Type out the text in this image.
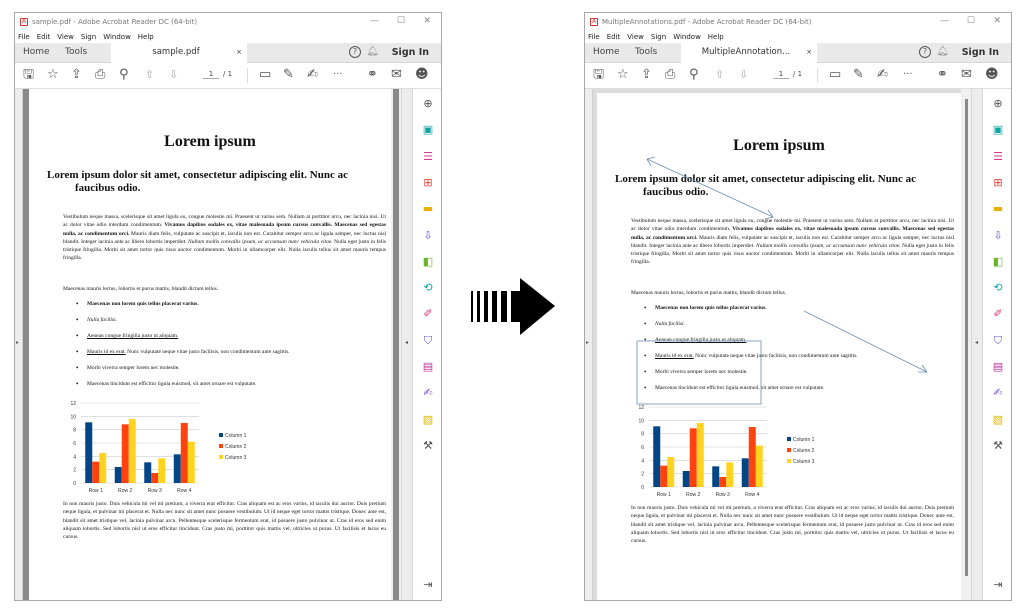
A sample.pdf - Adobe Acrobat Reader DC (64-bit)	— ☐ ✕
File Edit View Sign Window Help
Home Tools	sample.pdf	×	? 🔔︎ Sign In
🖫 ☆ ⇪ ⎙ ⚲ ⇧ ⇩	▭ ✎ ✍ ··· ⚭ ✉ ☻
1	/ 1
▸
Lorem ipsum
Lorem ipsum dolor sit amet, consectetur adipiscing elit. Nunc ac faucibus odio.
Vestibulum neque massa, scelerisque sit amet ligula eu, congue molestie mi. Praesent ut varius sem. Nullam at porttitor arcu, nec lacinia nisi. Ut ac dolor vitae odio interdum condimentum. Vivamus dapibus sodales ex, vitae malesuada ipsum cursus convallis. Maecenas sed egestas nulla, ac condimentum orci. Mauris diam felis, vulputate ac suscipit et, iaculis non est. Curabitur semper arcu ac ligula semper, nec luctus nisl blandit. Integer lacinia ante ac libero lobortis imperdiet. Nullam mollis convallis ipsum, ac accumsan nunc vehicula vitae. Nulla eget justo in felis tristique fringilla. Morbi sit amet tortor quis risus auctor condimentum. Morbi in ullamcorper elit. Nulla iaculis tellus sit amet mauris tempus fringilla.
Maecenas mauris lectus, lobortis et purus mattis, blandit dictum tellus.
• Maecenas non lorem quis tellus placerat varius.
• Nulla facilisi.
• Aenean congue fringilla justo ut aliquam.
• Mauris id ex erat. Nunc vulputate neque vitae justo facilisis, non condimentum ante sagittis.
• Morbi viverra semper lorem nec molestie.
• Maecenas tincidunt est efficitur ligula euismod, sit amet ornare est vulputate.
0
2
4
6
8
10
12
Row 1	Row 2	Row 3	Row 4
Column 1
Column 2
Column 3
In non mauris justo. Duis vehicula mi vel mi pretium, a viverra erat efficitur. Cras aliquam est ac eros varius, id iaculis dui auctor. Duis pretium neque ligula, et pulvinar mi placerat et. Nulla nec nunc sit amet nunc posuere vestibulum. Ut id neque eget tortor mattis tristique. Donec ante est, blandit sit amet tristique vel, lacinia pulvinar arcu. Pellentesque scelerisque fermentum erat, id posuere justo pulvinar ut. Cras id eros sed enim aliquam lobortis. Sed lobortis nisl ut eros efficitur tincidunt. Cras justo mi, porttitor quis mattis vel, ultricies ut purus. Ut facilisis et lacus eu cursus.
◂
⊕
▣
☰
⊞
▬
⇩
◧
⟲
✐
⛉
▤
✍
▧
⚒
⇥
A MultipleAnnotations.pdf - Adobe Acrobat Reader DC (64-bit)	— ☐ ✕
File Edit View Sign Window Help
Home Tools	MultipleAnnotation...	×	? 🔔︎ Sign In
🖫 ☆ ⇪ ⎙ ⚲ ⇧ ⇩	▭ ✎ ✍ ··· ⚭ ✉ ☻
1	/ 1
▸
Lorem ipsum
Lorem ipsum dolor sit amet, consectetur adipiscing elit. Nunc ac faucibus odio.
Vestibulum neque massa, scelerisque sit amet ligula eu, congue molestie mi. Praesent ut varius sem. Nullam at porttitor arcu, nec lacinia nisi. Ut ac dolor vitae odio interdum condimentum. Vivamus dapibus sodales ex, vitae malesuada ipsum cursus convallis. Maecenas sed egestas nulla, ac condimentum orci. Mauris diam felis, vulputate ac suscipit et, iaculis non est. Curabitur semper arcu ac ligula semper, nec luctus nisl blandit. Integer lacinia ante ac libero lobortis imperdiet. Nullam mollis convallis ipsum, ac accumsan nunc vehicula vitae. Nulla eget justo in felis tristique fringilla. Morbi sit amet tortor quis risus auctor condimentum. Morbi in ullamcorper elit. Nulla iaculis tellus sit amet mauris tempus fringilla.
Maecenas mauris lectus, lobortis et purus mattis, blandit dictum tellus.
• Maecenas non lorem quis tellus placerat varius.
• Nulla facilisi.
• Aenean congue fringilla justo ut aliquam.
• Mauris id ex erat. Nunc vulputate neque vitae justo facilisis, non condimentum ante sagittis.
• Morbi viverra semper lorem nec molestie.
• Maecenas tincidunt est efficitur ligula euismod, sit amet ornare est vulputate.
0
2
4
6
8
10
12
Row 1	Row 2	Row 3	Row 4
Column 1
Column 2
Column 3
In non mauris justo. Duis vehicula mi vel mi pretium, a viverra erat efficitur. Cras aliquam est ac eros varius, id iaculis dui auctor. Duis pretium neque ligula, et pulvinar mi placerat et. Nulla nec nunc sit amet nunc posuere vestibulum. Ut id neque eget tortor mattis tristique. Donec ante est, blandit sit amet tristique vel, lacinia pulvinar arcu. Pellentesque scelerisque fermentum erat, id posuere justo pulvinar ut. Cras id eros sed enim aliquam lobortis. Sed lobortis nisl ut eros efficitur tincidunt. Cras justo mi, porttitor quis mattis vel, ultricies ut purus. Ut facilisis et lacus eu cursus.
◂
⊕
▣
☰
⊞
▬
⇩
◧
⟲
✐
⛉
▤
✍
▧
⚒
⇥
